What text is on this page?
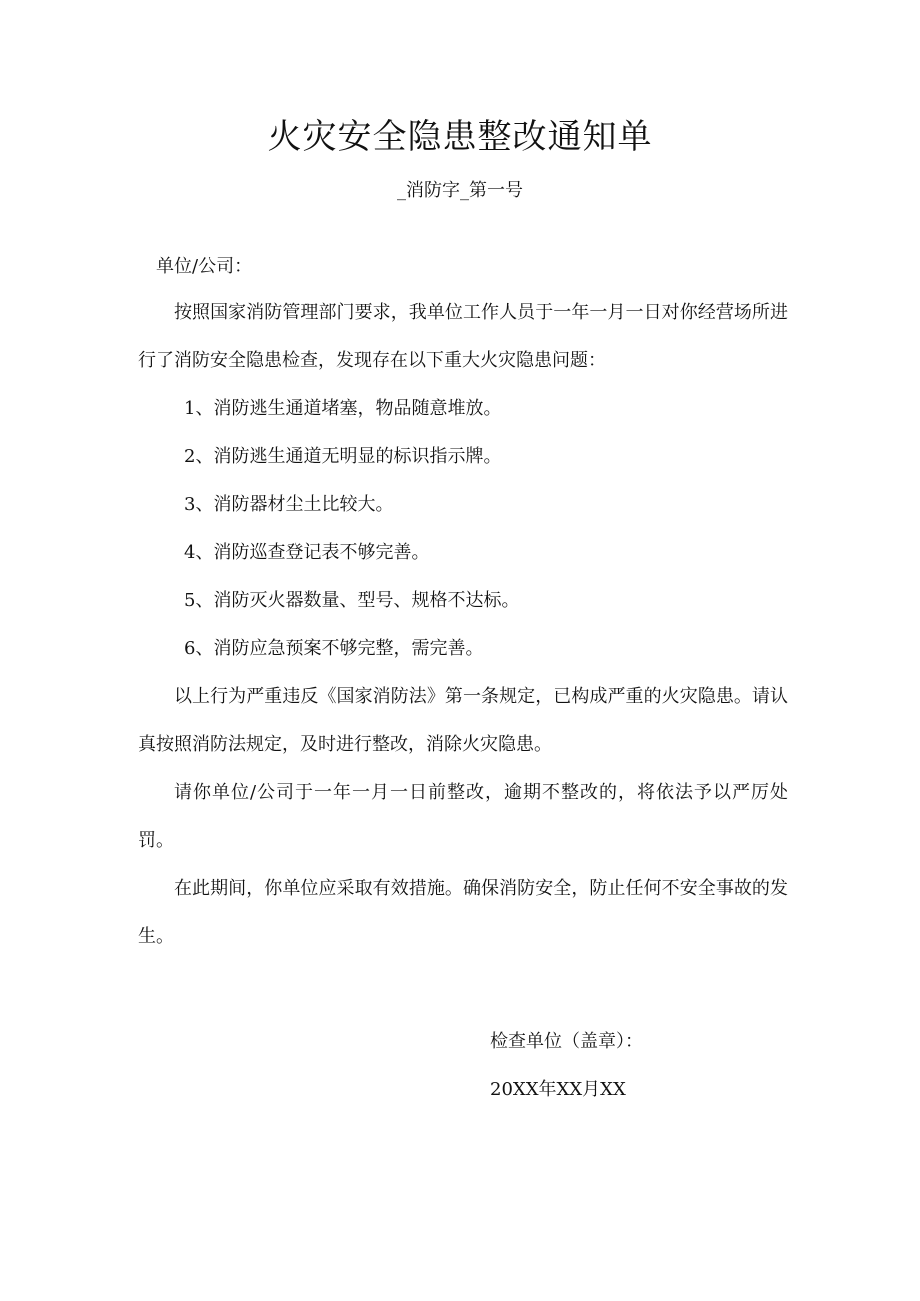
火灾安全隐患整改通知单
_消防字_第一号

单位/公司：

按照国家消防管理部门要求，我单位工作人员于一年一月一日对你经营场所进行了消防安全隐患检查，发现存在以下重大火灾隐患问题：

1、消防逃生通道堵塞，物品随意堆放。

2、消防逃生通道无明显的标识指示牌。

3、消防器材尘土比较大。

4、消防巡查登记表不够完善。

5、消防灭火器数量、型号、规格不达标。

6、消防应急预案不够完整，需完善。

以上行为严重违反《国家消防法》第一条规定，已构成严重的火灾隐患。请认真按照消防法规定，及时进行整改，消除火灾隐患。

请你单位/公司于一年一月一日前整改，逾期不整改的，将依法予以严厉处罚。

在此期间，你单位应采取有效措施。确保消防安全，防止任何不安全事故的发生。

检查单位（盖章）：
20XX年XX月XX
